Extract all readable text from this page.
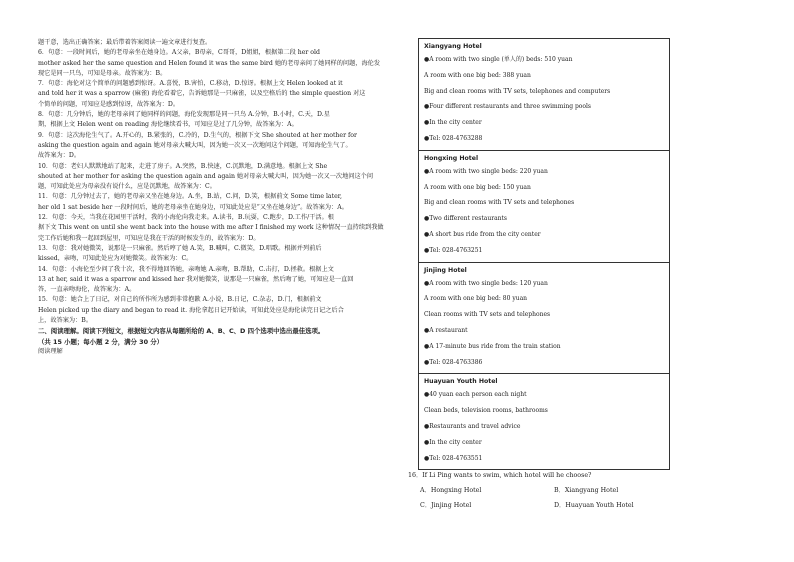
题干意，选出正确答案；最后带着答案阅读一遍文章进行复查。

6．句意：一段时间后，她的老母亲坐在她身边。A父亲，B母亲，C哥哥，D姐姐，根据第二段 her old

mother asked her the same question and Helen found it was the same bird 她的老母亲问了她同样的问题，海伦发

现它是同一只鸟，可知是母亲。故答案为：B。

7．句意：海伦对这个简单的问题感到惊讶。A.喜悦，B.害怕，C.移动，D.惊讶。根据上文 Helen looked at it

and told her it was a sparrow (麻雀) 海伦看着它，告诉她那是一只麻雀，以及空格后的 the simple question 对这

个简单的问题，可知应是感到惊讶，故答案为：D。

8．句意：几分钟后，她的老母亲问了她同样的问题，海伦发现那是同一只鸟 A.分钟，B.小时，C.天，D.星

期，根据上文 Helen went on reading 海伦继续看书，可知应是过了几分钟，故答案为：A。

9．句意：这次海伦生气了。A.开心的，B.紧张的，C.冷的，D.生气的，根据下文 She shouted at her mother for

asking the question again and again 她对母亲大喊大叫，因为她一次又一次地问这个问题，可知海伦生气了。

故答案为：D。

10．句意：老妇人默默地站了起来，走进了房子。A.突然，B.快速，C.沉默地，D.满意地。根据上文 She

shouted at her mother for asking the question again and again 她对母亲大喊大叫，因为她一次又一次地问这个问

题，可知此处应为母亲没有说什么，应是沉默地，故答案为：C。

11．句意：几分钟过去了，她的老母亲又坐在她身边。A.坐，B.站，C.问，D.笑，根据前文 Some time later,

her old 1 sat beside her 一段时间后，她的老母亲坐在她身边，可知此处应是“又坐在她身边”。故答案为：A。

12．句意：今天，当我在花园里干活时，我的小海伦向我走来。A.读书，B.玩耍，C.跑步，D.工作/干活。根

据下文 This went on until she went back into the house with me after I finished my work 这种情况一直持续到我做

完工作后她和我一起回到屋里，可知应是我在干活的时候发生的，故答案为：D。

13．句意：我对她微笑，说那是一只麻雀。然后哼了她 A.笑，B.喊叫，C.微笑，D.唱歌。根据并列前后

kissed，亲吻，可知此处应为对她微笑。故答案为：C。

14．句意：小海伦至少问了我十次，我不得地回答她，亲吻她 A.亲吻，B.帮助，C.击打，D.拯救。根据上文

13 at her, said it was a sparrow and kissed her 我对她微笑，说那是一只麻雀，然后吻了她，可知应是一直回

答，一直亲吻海伦，故答案为：A。

15．句意：她合上了日记，对自己的所作所为感到非常抱歉 A.小说，B.日记，C.杂志，D.门，根据前文

Helen picked up the diary and began to read it. 海伦拿起日记开始读，可知此处应是海伦读完日记之后合

上，故答案为：B。

二、阅读理解。阅读下列短文，根据短文内容从每题所给的 A、B、C、D 四个选项中选出最佳选项。

（共 15 小题；每小题 2 分，满分 30 分）

阅读理解

Xiangyang Hotel
●A room with two single (单人的) beds: 510 yuan
A room with one big bed: 388 yuan
Big and clean rooms with TV sets, telephones and computers
●Four different restaurants and three swimming pools
●In the city center
●Tel: 028-4763288
Hongxing Hotel
●A room with two single beds: 220 yuan
A room with one big bed: 150 yuan
Big and clean rooms with TV sets and telephones
●Two different restaurants
●A short bus ride from the city center
●Tel: 028-4763251
Jinjing Hotel
●A room with two single beds: 120 yuan
A room with one big bed: 80 yuan
Clean rooms with TV sets and telephones
●A restaurant
●A 17-minute bus ride from the train station
●Tel: 028-4763386
Huayuan Youth Hotel
●40 yuan each person each night
Clean beds, television rooms, bathrooms
●Restaurants and travel advice
●In the city center
●Tel: 028-4763551
16．If Li Ping wants to swim, which hotel will he choose?
A．Hongxing Hotel	B．Xiangyang Hotel
C．Jinjing Hotel	D．Huayuan Youth Hotel
